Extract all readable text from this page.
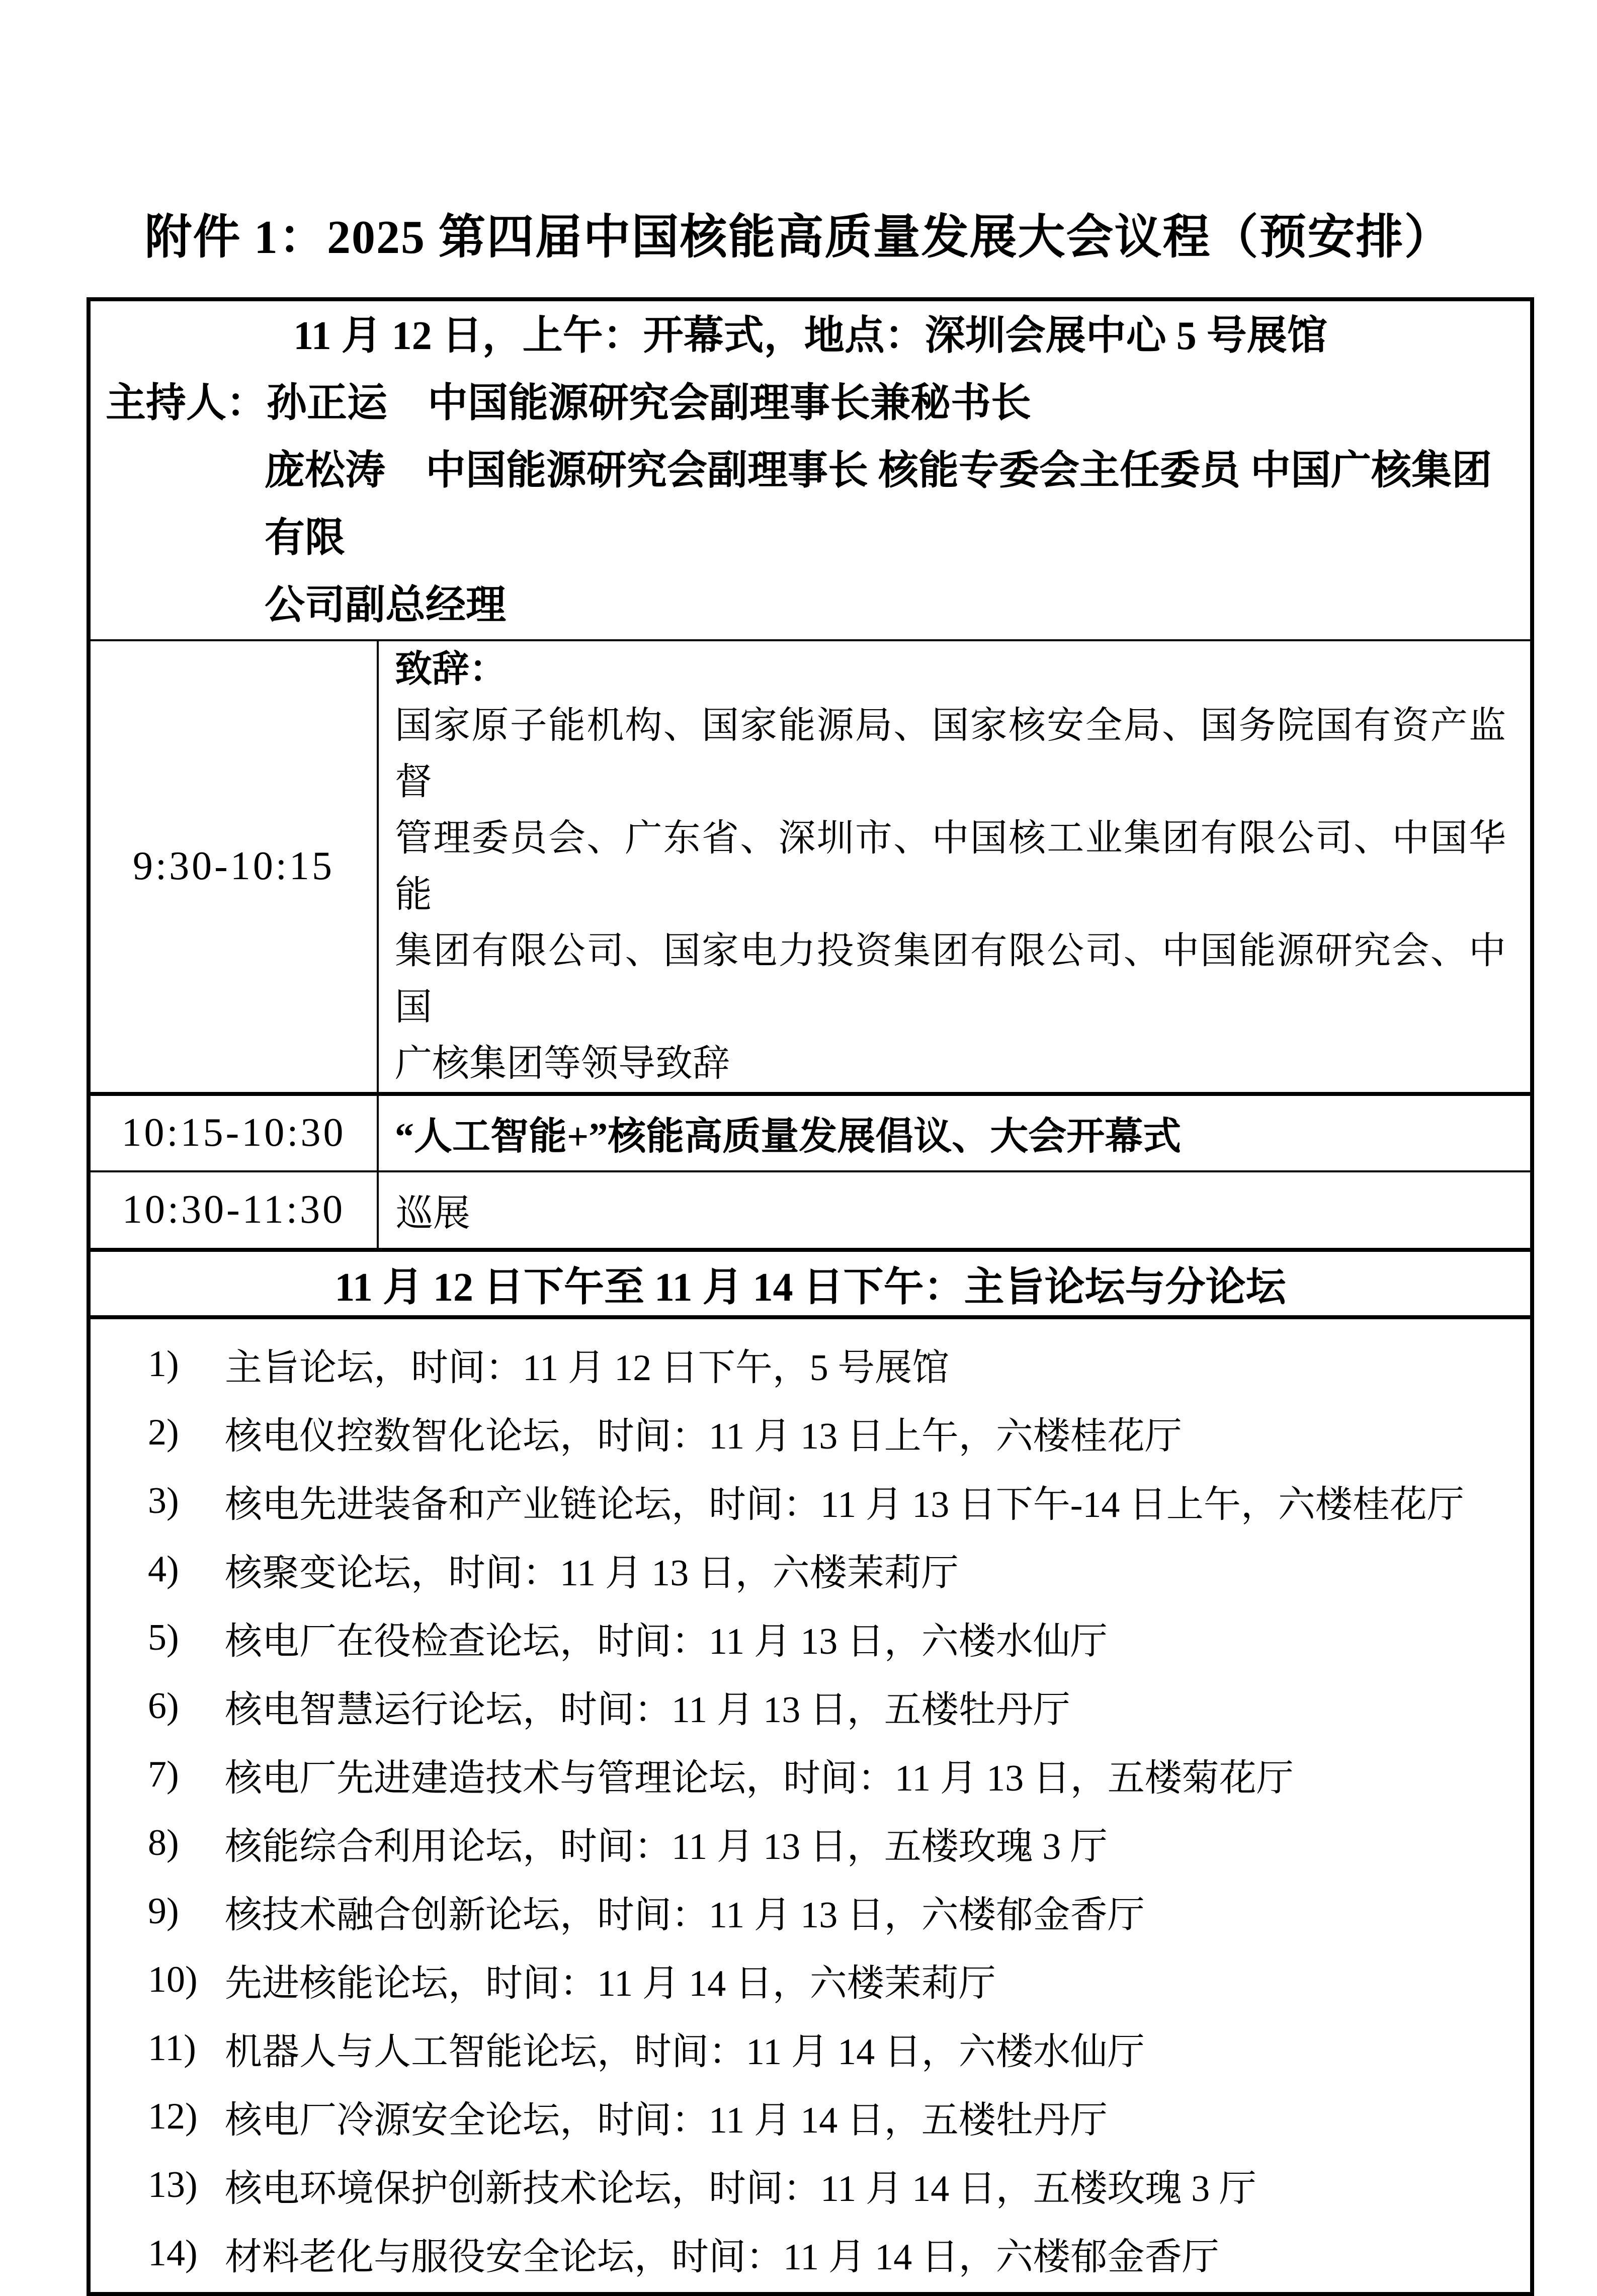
附件 1：2025 第四届中国核能高质量发展大会议程（预安排）
11 月 12 日，上午：开幕式，地点：深圳会展中心 5 号展馆
主持人：孙正运　中国能源研究会副理事长兼秘书长
庞松涛　中国能源研究会副理事长 核能专委会主任委员 中国广核集团有限
公司副总经理	

9:30-10:15	致辞：
国家原子能机构、国家能源局、国家核安全局、国务院国有资产监督
管理委员会、广东省、深圳市、中国核工业集团有限公司、中国华能
集团有限公司、国家电力投资集团有限公司、中国能源研究会、中国
广核集团等领导致辞

10:15-10:30	“人工智能+”核能高质量发展倡议、大会开幕式
10:30-11:30	巡展
11 月 12 日下午至 11 月 14 日下午：主旨论坛与分论坛	

1)	主旨论坛，时间：11 月 12 日下午，5 号展馆
2)	核电仪控数智化论坛，时间：11 月 13 日上午，六楼桂花厅
3)	核电先进装备和产业链论坛，时间：11 月 13 日下午-14 日上午，六楼桂花厅
4)	核聚变论坛，时间：11 月 13 日，六楼茉莉厅
5)	核电厂在役检查论坛，时间：11 月 13 日，六楼水仙厅
6)	核电智慧运行论坛，时间：11 月 13 日，五楼牡丹厅
7)	核电厂先进建造技术与管理论坛，时间：11 月 13 日，五楼菊花厅
8)	核能综合利用论坛，时间：11 月 13 日，五楼玫瑰 3 厅
9)	核技术融合创新论坛，时间：11 月 13 日，六楼郁金香厅
10) 先进核能论坛，时间：11 月 14 日，六楼茉莉厅
11) 机器人与人工智能论坛，时间：11 月 14 日，六楼水仙厅
12) 核电厂冷源安全论坛，时间：11 月 14 日，五楼牡丹厅
13) 核电环境保护创新技术论坛，时间：11 月 14 日，五楼玫瑰 3 厅
14) 材料老化与服役安全论坛，时间：11 月 14 日，六楼郁金香厅
